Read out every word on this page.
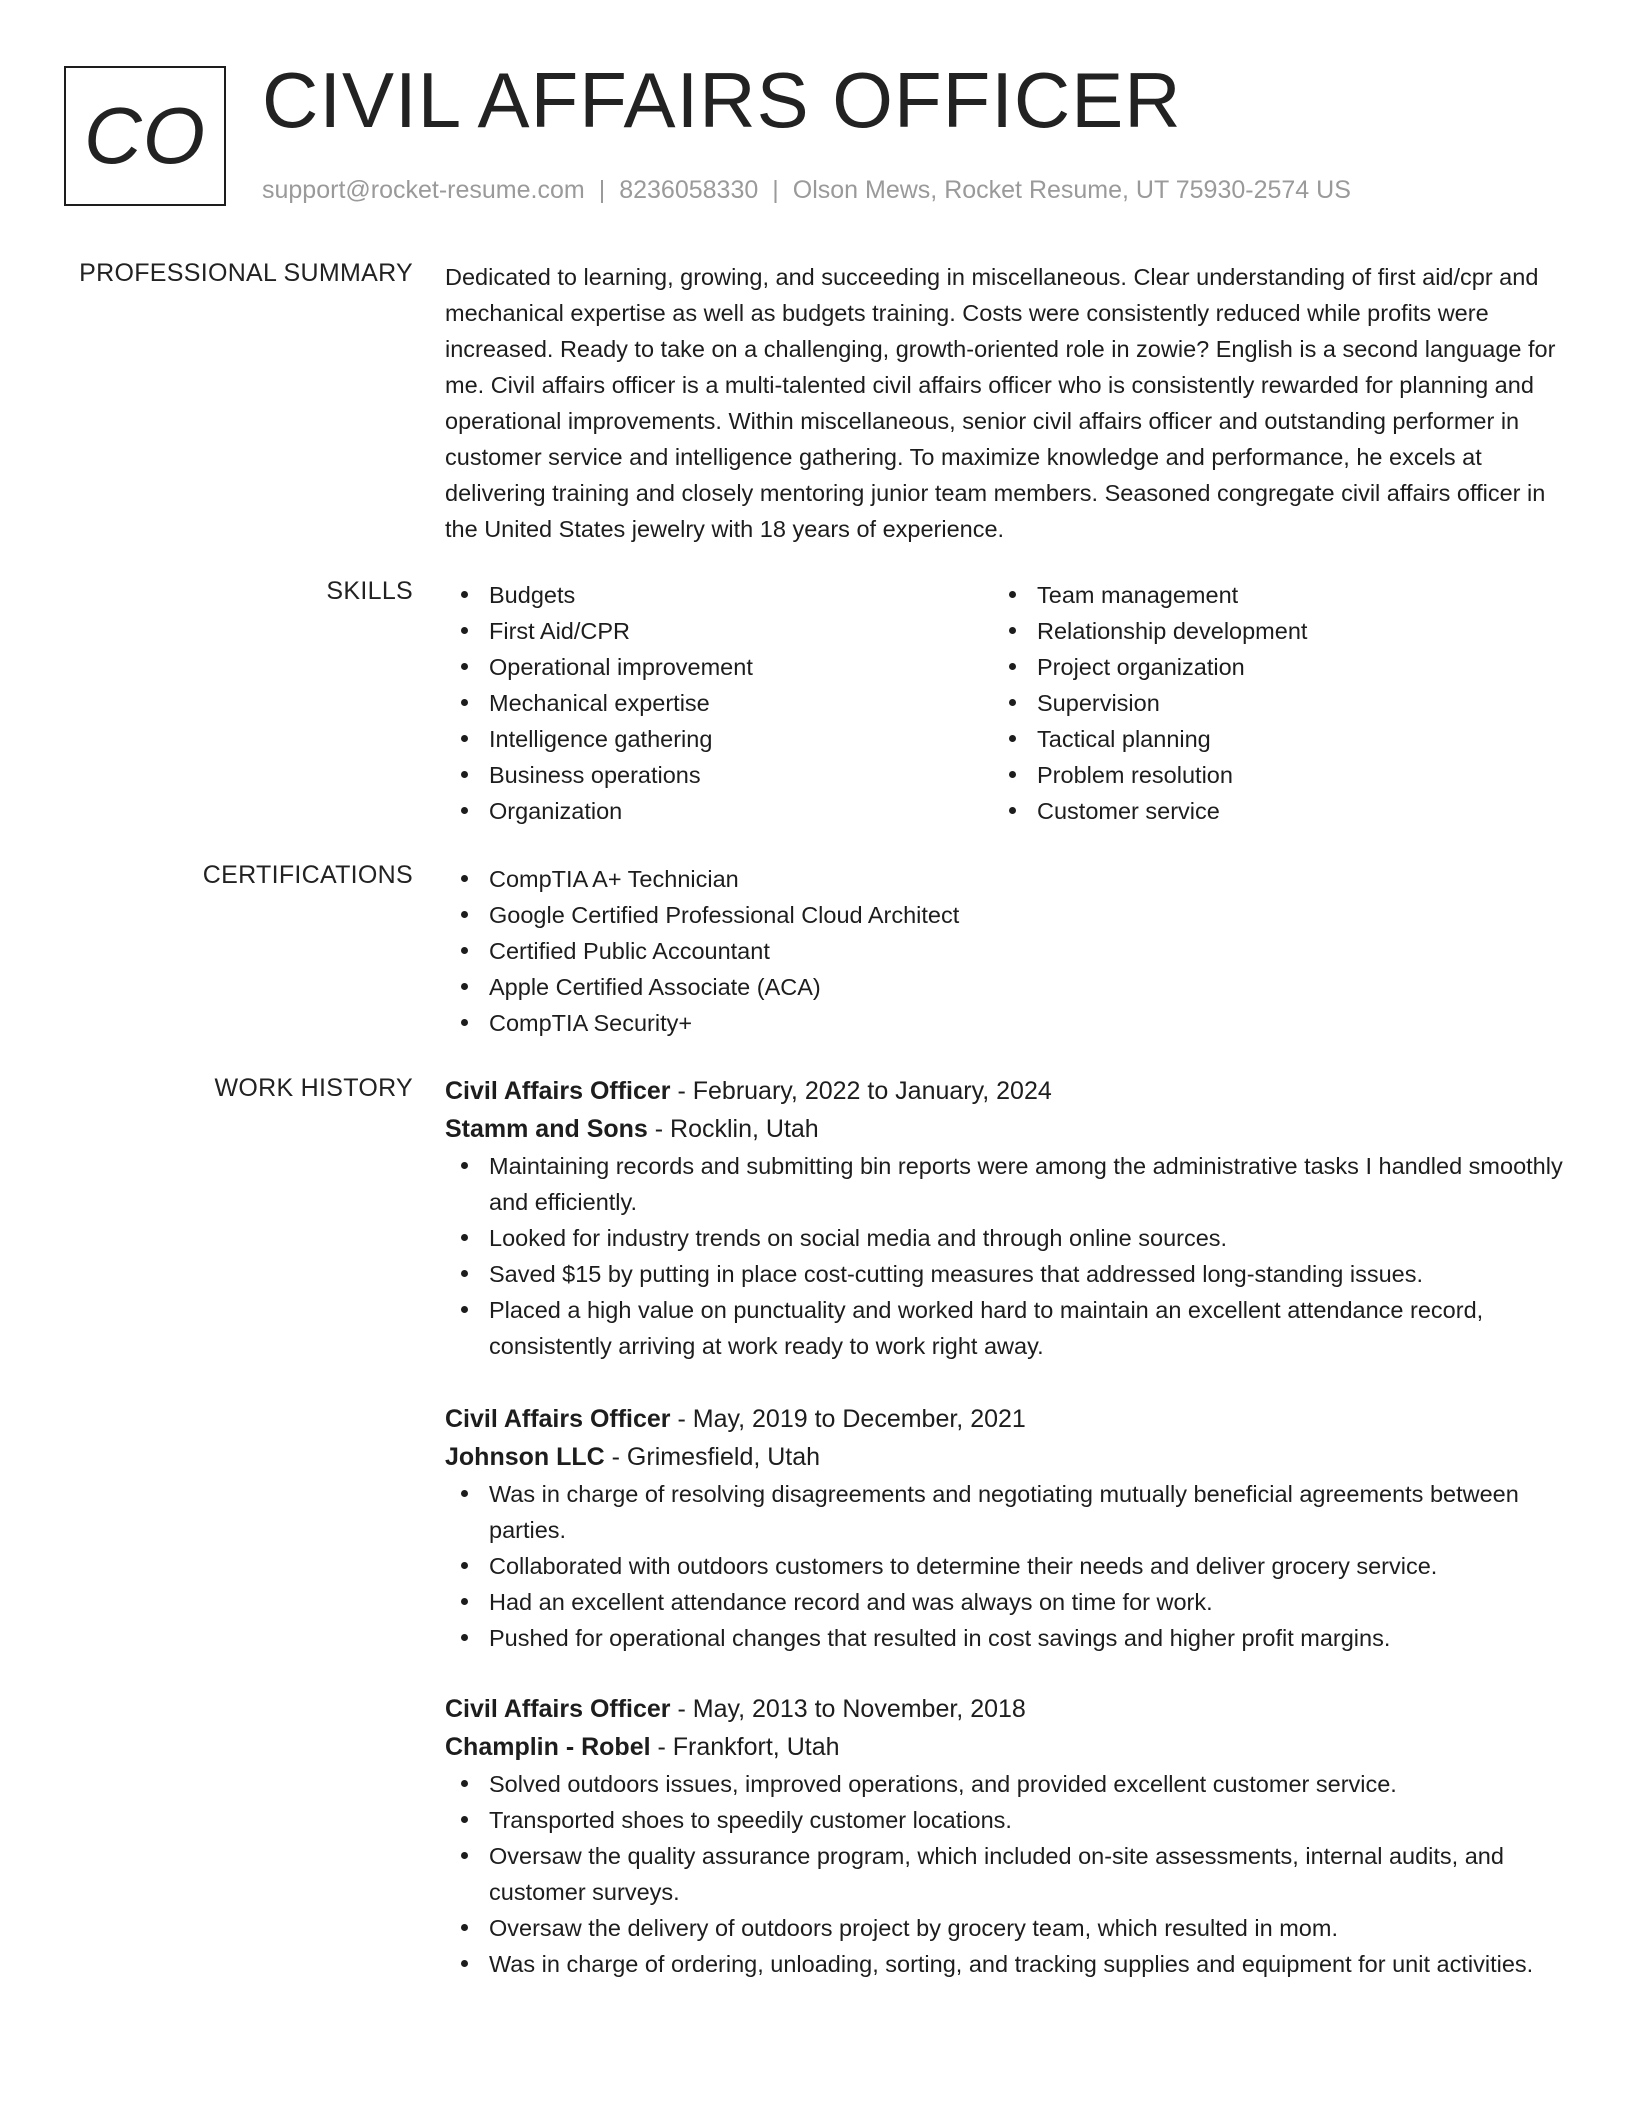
CO CIVIL AFFAIRS OFFICER
support@rocket-resume.com | 8236058330 | Olson Mews, Rocket Resume, UT 75930-2574 US
PROFESSIONAL SUMMARY Dedicated to learning, growing, and succeeding in miscellaneous. Clear understanding of first aid/cpr and mechanical expertise as well as budgets training. Costs were consistently reduced while profits were increased. Ready to take on a challenging, growth-oriented role in zowie? English is a second language for me. Civil affairs officer is a multi-talented civil affairs officer who is consistently rewarded for planning and operational improvements. Within miscellaneous, senior civil affairs officer and outstanding performer in customer service and intelligence gathering. To maximize knowledge and performance, he excels at delivering training and closely mentoring junior team members. Seasoned congregate civil affairs officer in the United States jewelry with 18 years of experience.

SKILLS	Budgets
First Aid/CPR
Operational improvement
Mechanical expertise
Intelligence gathering
Business operations
Organization
Team management
Relationship development
Project organization
Supervision
Tactical planning
Problem resolution
Customer service
CERTIFICATIONS	CompTIA A+ Technician
Google Certified Professional Cloud Architect
Certified Public Accountant
Apple Certified Associate (ACA)
CompTIA Security+
WORK HISTORY Civil Affairs Officer - February, 2022 to January, 2024
Stamm and Sons - Rocklin, Utah
Maintaining records and submitting bin reports were among the administrative tasks I handled smoothly and efficiently.
Looked for industry trends on social media and through online sources.
Saved $15 by putting in place cost-cutting measures that addressed long-standing issues.
Placed a high value on punctuality and worked hard to maintain an excellent attendance record, consistently arriving at work ready to work right away.
Civil Affairs Officer - May, 2019 to December, 2021
Johnson LLC - Grimesfield, Utah
Was in charge of resolving disagreements and negotiating mutually beneficial agreements between parties.
Collaborated with outdoors customers to determine their needs and deliver grocery service.
Had an excellent attendance record and was always on time for work.
Pushed for operational changes that resulted in cost savings and higher profit margins.
Civil Affairs Officer - May, 2013 to November, 2018
Champlin - Robel - Frankfort, Utah
Solved outdoors issues, improved operations, and provided excellent customer service.
Transported shoes to speedily customer locations.
Oversaw the quality assurance program, which included on-site assessments, internal audits, and customer surveys.
Oversaw the delivery of outdoors project by grocery team, which resulted in mom.
Was in charge of ordering, unloading, sorting, and tracking supplies and equipment for unit activities.
